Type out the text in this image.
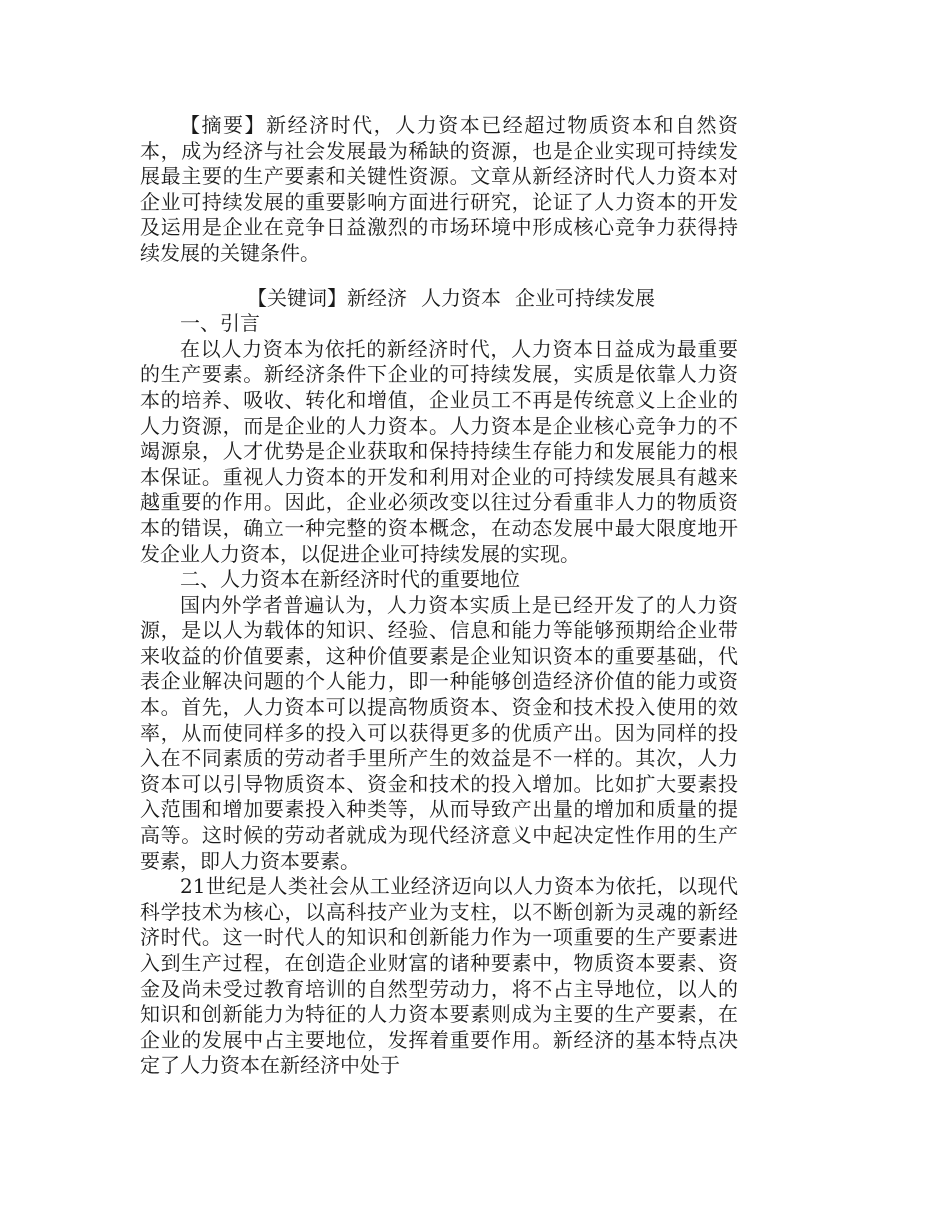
【摘要】新经济时代，人力资本已经超过物质资本和自然资本，成为经济与社会发展最为稀缺的资源，也是企业实现可持续发展最主要的生产要素和关键性资源。文章从新经济时代人力资本对企业可持续发展的重要影响方面进行研究，论证了人力资本的开发及运用是企业在竞争日益激烈的市场环境中形成核心竞争力获得持续发展的关键条件。

【关键词】新经济 人力资本 企业可持续发展

一、引言

在以人力资本为依托的新经济时代，人力资本日益成为最重要的生产要素。新经济条件下企业的可持续发展，实质是依靠人力资本的培养、吸收、转化和增值，企业员工不再是传统意义上企业的人力资源，而是企业的人力资本。人力资本是企业核心竞争力的不竭源泉，人才优势是企业获取和保持持续生存能力和发展能力的根本保证。重视人力资本的开发和利用对企业的可持续发展具有越来越重要的作用。因此，企业必须改变以往过分看重非人力的物质资本的错误，确立一种完整的资本概念，在动态发展中最大限度地开发企业人力资本，以促进企业可持续发展的实现。

二、人力资本在新经济时代的重要地位

国内外学者普遍认为，人力资本实质上是已经开发了的人力资源，是以人为载体的知识、经验、信息和能力等能够预期给企业带来收益的价值要素，这种价值要素是企业知识资本的重要基础，代表企业解决问题的个人能力，即一种能够创造经济价值的能力或资本。首先，人力资本可以提高物质资本、资金和技术投入使用的效率，从而使同样多的投入可以获得更多的优质产出。因为同样的投入在不同素质的劳动者手里所产生的效益是不一样的。其次，人力资本可以引导物质资本、资金和技术的投入增加。比如扩大要素投入范围和增加要素投入种类等，从而导致产出量的增加和质量的提高等。这时候的劳动者就成为现代经济意义中起决定性作用的生产要素，即人力资本要素。

21世纪是人类社会从工业经济迈向以人力资本为依托，以现代科学技术为核心，以高科技产业为支柱，以不断创新为灵魂的新经济时代。这一时代人的知识和创新能力作为一项重要的生产要素进入到生产过程，在创造企业财富的诸种要素中，物质资本要素、资金及尚未受过教育培训的自然型劳动力，将不占主导地位，以人的知识和创新能力为特征的人力资本要素则成为主要的生产要素，在企业的发展中占主要地位，发挥着重要作用。新经济的基本特点决定了人力资本在新经济中处于
